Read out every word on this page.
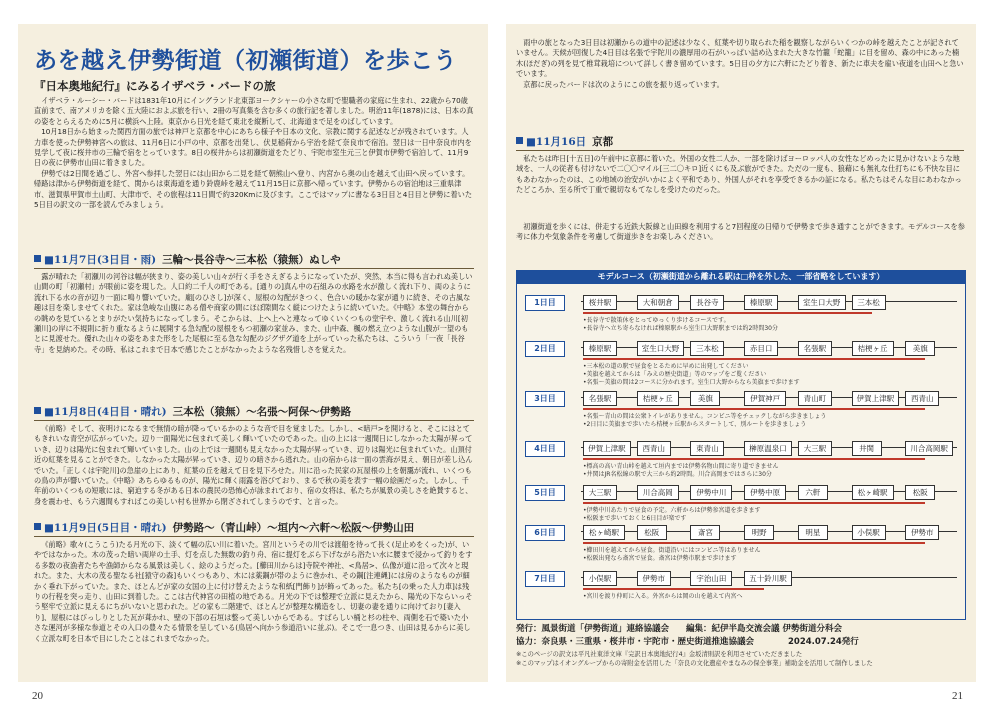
あを越え伊勢街道（初瀬街道）を歩こう
『日本奥地紀行』にみるイザベラ・バードの旅

イザベラ・ルーシー・バードは1831年10月にイングランド北東部ヨークシャーの小さな町で聖職者の家庭に生まれ、22歳から70歳直前まで、南アメリカを除く五大陸におよぶ旅を行い、2冊の写真集を含む多くの旅行記を著しました。明治11年(1878)には、日本の真の姿をとらえるために5月に横浜へ上陸。東京から日光を経て東北を縦断して、北海道まで足をのばしています。

10月18日から始まった関西方面の旅では神戸と京都を中心にあちら様子や日本の文化、宗教に関する記述などが残されています。人力車を使った伊勢神宮への旅は、11月6日に小戸の中、京都を出発し、伏見稲荷から宇治を経て奈良市で宿泊。翌日は一日中奈良市内を見学して夜に桜井市の三輪で宿をとっています。8日の桜井からは初瀬街道をたどり、宇陀市室生元三と伊賀市伊勢で宿泊して、11月9日の夜に伊勢市山田に着きました。

伊勢では2日間を過ごし、外宮へ参拝した翌日には山田から二見を経て朝熊山へ登り、内宮から奥の山を越えて山田へ戻っています。帰路は津から伊勢街道を経て、関からは東海道を通り鈴鹿峠を越えて11月15日に京都へ帰っています。伊勢からの宿泊地は三重県津市、滋賀県甲賀市土山町、大津市で、その旅程は11日間で約320Kmに及びます。ここではマップに書なる3日目と4日目と伊勢に着いた5日目の訳文の一部を読んでみましょう。

■11月7日(3日目・雨) 三輪〜長谷寺〜三本松（猿無）ぬしや

露が晴れた「初瀬川の河谷は幅が狭まり、姿の美しい山々が行く手をさえぎるようになっていたが、突然、本当に得も言われぬ美しい山間の町「初瀬村」が眼前に姿を現した。人口約二千人の町である。[通りの]真ん中の石組みの水路を水が激しく流れ下り、両のように流れ下る水の音が辺り一面に鳴り響いていた。廟[のひさし]が深く、屋根の勾配がきつく、色合いの暖かな家が通りに続き、その古風な趣は目を楽しませてくれた。家は急峻な山腹にある僧や商家の間にほぼ隙間なく縦につけたように続いていた。《中略》本堂の舞台からの眺めを見ているとまりがたい気持ちになってしまう。そこからは、上へ上へと連なってゆくいくつもの堂宇や、激しく流れる山川[初瀬川]の岸に不規則に折り重なるように展開する急勾配の屋根をもつ初瀬の家並み、また、山中森、楓の燃え立つような山腹が一望のもとに見渡せた。優れた山々の姿をあまた形をした尾根に至る急な勾配のジグザグ道を上がっていった私たちは、こういう「一夜「長谷寺」を見納めた。その時、私はこれまで日本で感じたことがなかったような名残惜しさを覚えた。

■11月8日(4日目・晴れ) 三本松（猿無）〜名張〜阿保〜伊勢路

《前略》そして、夜明けになるまで無情の暗が降っているかのような音で目を覚ました。しかし、<暗戸>を開けると、そこにはとてもきれいな青空が広がっていた。辺り一面陽光に包まれて美しく輝いていたのであった。山の上には一週間日にしなかった太陽が昇っていき、辺りは陽光に包まれて輝いていました。山の上では一週間も見えなかった太陽が昇っていき、辺りは陽光に包まれていた。山頂付近の紅葉を見ることができた。しなかった太陽が昇っていき、辺りの暗さから逃れた。山の宿からは一面の雲海が見え、朝日が差し込んでいた。「正しくは宇陀川]の急崖の上にあり、紅葉の丘を越えて日を見下ろせた。川に沿った民家の瓦屋根の上を朝靄が流れ、いくつもの鳥の声が響いていた。《中略》あちらゆるものが、陽光に輝く雨露を浴びており、まるで秋の美を表す一幅の絵画だった。しかし、千年前のいくつもの短歌には、窮迫する冬がある日本の農民の恐怖心が詠まれており、宿の女将は、私たちが風景の美しさを絶賛すると、身を震わせ、もう六週間もすればこの美しい村も世界から閉ざされてしまうのです、と言った。

■11月9日(5日目・晴れ) 伊勢路〜（青山峠）〜垣内〜六軒〜松阪〜伊勢山田

《前略》歌々(こうこう)たる月光の下、淡くて幅の広い川に着いた。宮川というその川では渡船を待って長く(足止めをくった)が、いやではなかった。木の茂った暗い両岸の土手、灯を点した無数の釣り舟、宿に提灯をぶら下げながら浴たい水に腰まで浸かって釣りをする多数の夜漁者たちや漁師からなる風景は美しく、絵のようだった。[櫛田川からは]寺院や神社、<鳥居>、仏像が道に沿って次々と現れた。また、大木の茂る聖なる社[猿守の森]もいくつもあり、木には薬鋼が帯のように巻かれ、その鋼[注連縄]には房のようなものが細かく垂れ下がっていた。また、ほとんどが家の女国の上に付け替えたような和紙[門飾り]が飾ってあった。私たち[の乗った人力車]は残りの行程を突っ走り、山田に到着した。ここは古代神宮の田植の地である。月光の下では整理で立派に見えたから、陽光の下ならいっそう堅牢で立派に見えるにちがいないと思われた。どの家も二階建で、ほとんどが整理な構造をし、切妻の妻を通りに向けており[妻入り]、屋根にはびっしりとした瓦が葺かれ、壁の下部の石垣は整って美しいからである。すばらしい桶と杉の柱や、両側を石で築いた小さな運河が多様な参道とその入口の豊々たる情景を呈している(鳥居へ向かう参道沿いに並ぶ)。そこで一息つき、山田は見るからに美しく立派な町を日本で目にしたことはこれまでなかった。

雨中の旅となった3日目は初瀬からの道中の記述は少なく、紅葉や切り取られた稲を観察しながらいくつかの峠を越えたことが記されていません。天候が回復した4日目は名張で宇陀川の濃厚用の石がいっぱい詰め込まれた大きな竹籠「蛇籠」に目を留め、森の中にあった楠木(ほだぎ)の列を見て椎茸栽培について詳しく書き留めています。5日目の夕方に六軒にたどり着き、新たに車夫を雇い夜道を山田へと急いでいます。

京都に戻ったバードは次のようにこの旅を振り返っています。

■11月16日 京都

私たちは昨日[十五日]の午前中に京都に着いた。外国の女性二人か、一部を除けばヨーロッパ人の女性などめったに見かけないような地域を、一人の従者も付けないで二〇〇マイル[三二〇キロ]近くにも及ぶ旅ができた。ただの一度も、狼藉にも無礼な仕打ちにも不快な目にもあわなかったのは、この地域の治安がいかによく平和であり、外国人がそれを享受できるかの証になる。私たちはそんな目にあわなかったどころか、至る所で丁重で親切なもてなしを受けたのだった。

初瀬街道を歩くには、併走する近鉄大阪線と山田線を利用すると7回程度の日帰りで伊勢まで歩き通すことができます。モデルコースを参考に体力や気象条件を考慮して街道歩きをお楽しみください。

モデルコース（初瀬街道から離れる駅は□枠を外した、一部省略をしています）
1日目	桜井駅	大和朝倉	長谷寺	榛原駅	室生口大野	三本松
•長谷寺で散策休をとってゆっくり歩けるコースです。
•長谷寺へ立ち寄らなければ榛原駅から室生口大野駅までは約2時間30分
2日目	榛原駅	室生口大野	三本松	赤目口	名張駅	桔梗ヶ丘	美旗
•三本松の道の駅で昼食をとるために早めに出発してください
•美旗を越えてからは「みえの歴史街道」等のマップをご覧ください
•名張〜美旗の間は2コースに分かれます。室生口大野からなら美旗まで歩けます
3日目	名張駅	桔梗ヶ丘	美旗	伊賀神戸	青山町	伊賀上津駅	西青山
•名張〜青山の間は公衆トイレがありません。コンビニ等をチェックしながら歩きましょう
•2日目に美旗まで歩いたら桔梗ヶ丘駅からスタートして、別ルートを歩きましょう
4日目	伊賀上津駅	西青山	東青山	榊原温泉口	大三駅	井関	川合高岡駅
•標高の高い青山峠を越えて垣内までは伊勢名物山間に寄り道できません
•井関はJR名松線の駅で大三から約2時間。川合高岡まではさらに30分
5日目	大三駅	川合高岡	伊勢中川	伊勢中原	六軒	松ヶ崎駅	松阪
•伊勢中川あたりで昼食の予定。六軒からは伊勢参宮道を歩きます
•松阪まで歩いておくと6日目が楽です
6日目	松ヶ崎駅	松阪	斎宮	明野	明星	小俣駅	伊勢市
•櫛田川を越えてから昼食。街道沿いにはコンビニ等はありません
•松阪出発なら斎宮で昼食。斎宮は伊勢市駅まで歩けます
7日目	小俣駅	伊勢市	宇治山田	五十鈴川駅
•宮川を渡り仲町に入る。外宮からは岡の山を越えて内宮へ
発行：風景街道「伊勢街道」連絡協議会　　編集：紀伊半島交流会議 伊勢街道分科会
協力：奈良県・三重県・桜井市・宇陀市・歴史街道推進協議会　　　　2024.07.24発行
※このページの訳文は平凡社東洋文庫『完訳日本奥地紀行4』金坂清則訳を利用させていただきました
※このマップはイオングループからの寄附金を活用した「奈良の文化遺産やまなみの保全事業」補助金を活用して制作しました
20	21
